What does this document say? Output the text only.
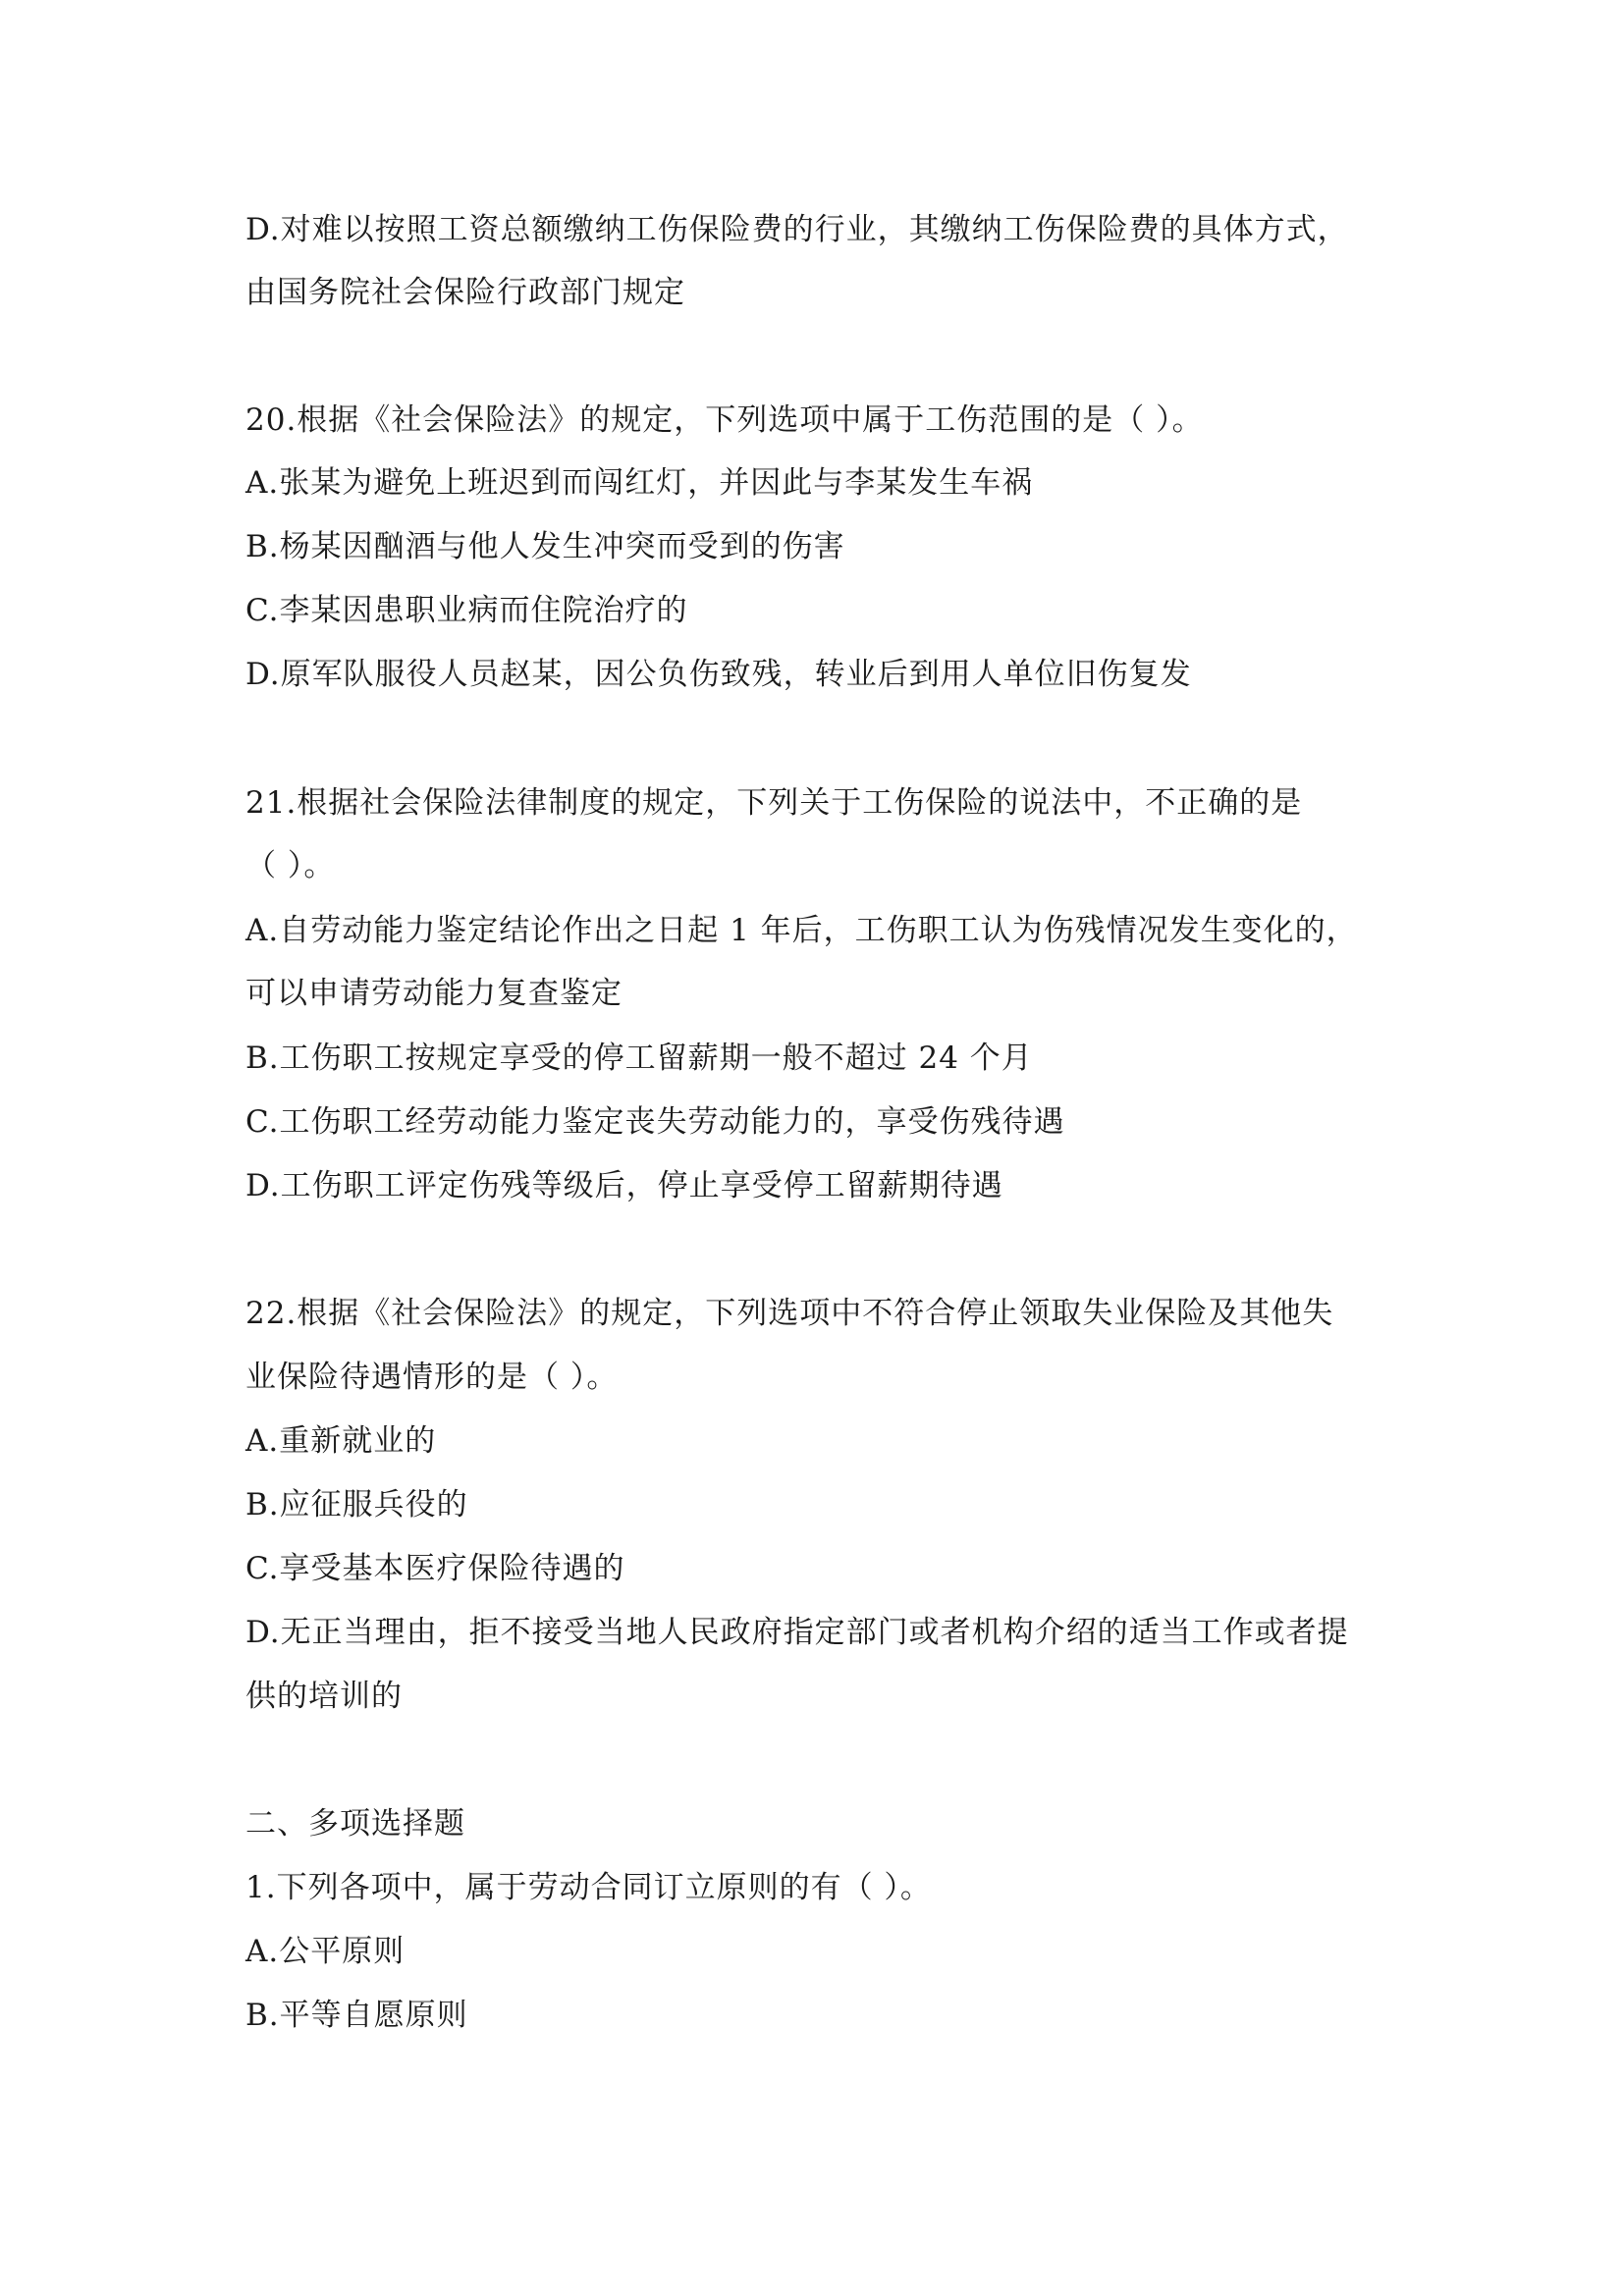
D.对难以按照工资总额缴纳工伤保险费的行业，其缴纳工伤保险费的具体方式，
由国务院社会保险行政部门规定
20.根据《社会保险法》的规定，下列选项中属于工伤范围的是（ ）。
A.张某为避免上班迟到而闯红灯，并因此与李某发生车祸
B.杨某因酗酒与他人发生冲突而受到的伤害
C.李某因患职业病而住院治疗的
D.原军队服役人员赵某，因公负伤致残，转业后到用人单位旧伤复发
21.根据社会保险法律制度的规定，下列关于工伤保险的说法中，不正确的是
（ ）。
A.自劳动能力鉴定结论作出之日起 1 年后，工伤职工认为伤残情况发生变化的，
可以申请劳动能力复查鉴定
B.工伤职工按规定享受的停工留薪期一般不超过 24 个月
C.工伤职工经劳动能力鉴定丧失劳动能力的，享受伤残待遇
D.工伤职工评定伤残等级后，停止享受停工留薪期待遇
22.根据《社会保险法》的规定，下列选项中不符合停止领取失业保险及其他失
业保险待遇情形的是（ ）。
A.重新就业的
B.应征服兵役的
C.享受基本医疗保险待遇的
D.无正当理由，拒不接受当地人民政府指定部门或者机构介绍的适当工作或者提
供的培训的
二、多项选择题
1.下列各项中，属于劳动合同订立原则的有（ ）。
A.公平原则
B.平等自愿原则
